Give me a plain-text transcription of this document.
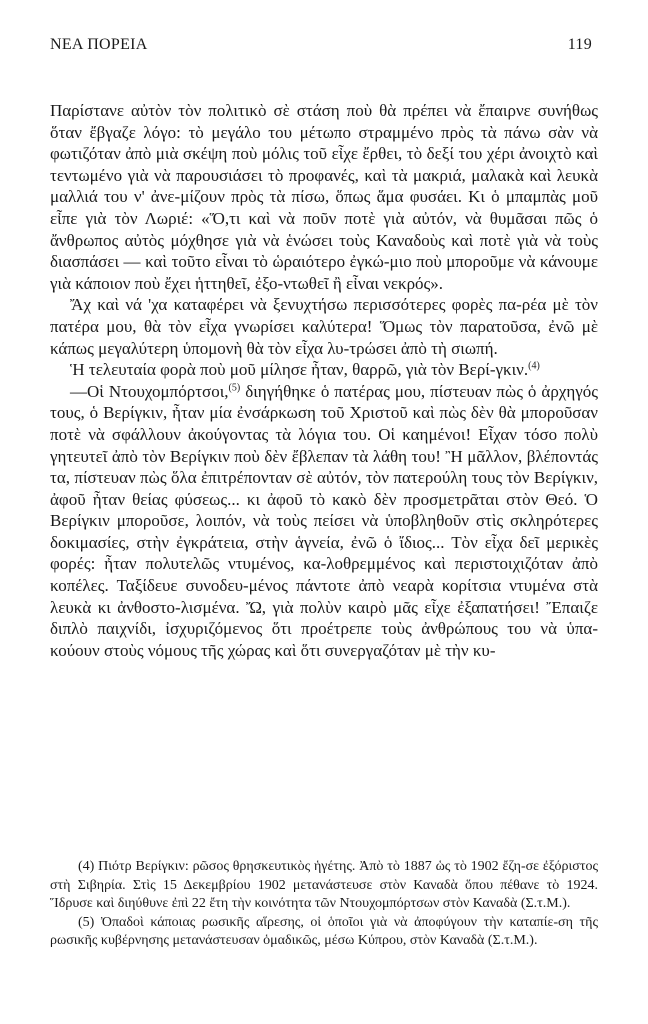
ΝΕΑ ΠΟΡΕΙΑ	119

Παρίστανε αὐτὸν τὸν πολιτικὸ σὲ στάση ποὺ θὰ πρέπει νὰ ἔπαιρνε συνήθως ὅταν ἔβγαζε λόγο: τὸ μεγάλο του μέτωπο στραμμένο πρὸς τὰ πάνω σὰν νὰ φωτιζόταν ἀπὸ μιὰ σκέψη ποὺ μόλις τοῦ εἶχε ἔρθει, τὸ δεξί του χέρι ἀνοιχτὸ καὶ τεντωμένο γιὰ νὰ παρουσιάσει τὸ προφανές, καὶ τὰ μακριά, μαλακὰ καὶ λευκὰ μαλλιά του ν' ἀνε-μίζουν πρὸς τὰ πίσω, ὅπως ἅμα φυσάει. Κι ὁ μπαμπὰς μοῦ εἶπε γιὰ τὸν Λωριέ: «Ὅ,τι καὶ νὰ ποῦν ποτὲ γιὰ αὐτόν, νὰ θυμᾶσαι πῶς ὁ ἄνθρωπος αὐτὸς μόχθησε γιὰ νὰ ἑνώσει τοὺς Καναδοὺς καὶ ποτὲ γιὰ νὰ τοὺς διασπάσει — καὶ τοῦτο εἶναι τὸ ὡραιότερο ἐγκώ-μιο ποὺ μποροῦμε νὰ κάνουμε γιὰ κάποιον ποὺ ἔχει ἡττηθεῖ, ἐξο-ντωθεῖ ἢ εἶναι νεκρός».

Ἄχ καὶ νά 'χα καταφέρει νὰ ξενυχτήσω περισσότερες φορὲς πα-ρέα μὲ τὸν πατέρα μου, θὰ τὸν εἶχα γνωρίσει καλύτερα! Ὅμως τὸν παρατοῦσα, ἐνῶ μὲ κάπως μεγαλύτερη ὑπομονὴ θὰ τὸν εἶχα λυ-τρώσει ἀπὸ τὴ σιωπή.

Ἡ τελευταία φορὰ ποὺ μοῦ μίλησε ἦταν, θαρρῶ, γιὰ τὸν Βερί-γκιν.$^{(4)}$

—Οἱ Ντουχομπόρτσοι,$^{(5)}$ διηγήθηκε ὁ πατέρας μου, πίστευαν πὼς ὁ ἀρχηγός τους, ὁ Βερίγκιν, ἦταν μία ἐνσάρκωση τοῦ Χριστοῦ καὶ πὼς δὲν θὰ μποροῦσαν ποτὲ νὰ σφάλλουν ἀκούγοντας τὰ λόγια του. Οἱ καημένοι! Εἶχαν τόσο πολὺ γητευτεῖ ἀπὸ τὸν Βερίγκιν ποὺ δὲν ἔβλεπαν τὰ λάθη του! Ἢ μᾶλλον, βλέποντάς τα, πίστευαν πὼς ὅλα ἐπιτρέπονταν σὲ αὐτόν, τὸν πατερούλη τους τὸν Βερίγκιν, ἀφοῦ ἦταν θείας φύσεως... κι ἀφοῦ τὸ κακὸ δὲν προσμετρᾶται στὸν Θεό. Ὁ Βερίγκιν μποροῦσε, λοιπόν, νὰ τοὺς πείσει νὰ ὑποβληθοῦν στὶς σκληρότερες δοκιμασίες, στὴν ἐγκράτεια, στὴν ἁγνεία, ἐνῶ ὁ ἴδιος... Τὸν εἶχα δεῖ μερικὲς φορές: ἦταν πολυτελῶς ντυμένος, κα-λοθρεμμένος καὶ περιστοιχιζόταν ἀπὸ κοπέλες. Ταξίδευε συνοδευ-μένος πάντοτε ἀπὸ νεαρὰ κορίτσια ντυμένα στὰ λευκὰ κι ἀνθοστο-λισμένα. Ὤ, γιὰ πολὺν καιρὸ μᾶς εἶχε ἐξαπατήσει! Ἔπαιζε διπλὸ παιχνίδι, ἰσχυριζόμενος ὅτι προέτρεπε τοὺς ἀνθρώπους του νὰ ὑπα-κούουν στοὺς νόμους τῆς χώρας καὶ ὅτι συνεργαζόταν μὲ τὴν κυ-

(4) Πιότρ Βερίγκιν: ρῶσος θρησκευτικὸς ἡγέτης. Ἀπὸ τὸ 1887 ὡς τὸ 1902 ἔζη-σε ἐξόριστος στὴ Σιβηρία. Στὶς 15 Δεκεμβρίου 1902 μετανάστευσε στὸν Καναδὰ ὅπου πέθανε τὸ 1924. Ἵδρυσε καὶ διηύθυνε ἐπὶ 22 ἔτη τὴν κοινότητα τῶν Ντουχομπόρτσων στὸν Καναδὰ (Σ.τ.Μ.).

(5) Ὀπαδοὶ κάποιας ρωσικῆς αἵρεσης, οἱ ὁποῖοι γιὰ νὰ ἀποφύγουν τὴν καταπίε-ση τῆς ρωσικῆς κυβέρνησης μετανάστευσαν ὁμαδικῶς, μέσω Κύπρου, στὸν Καναδὰ (Σ.τ.Μ.).
